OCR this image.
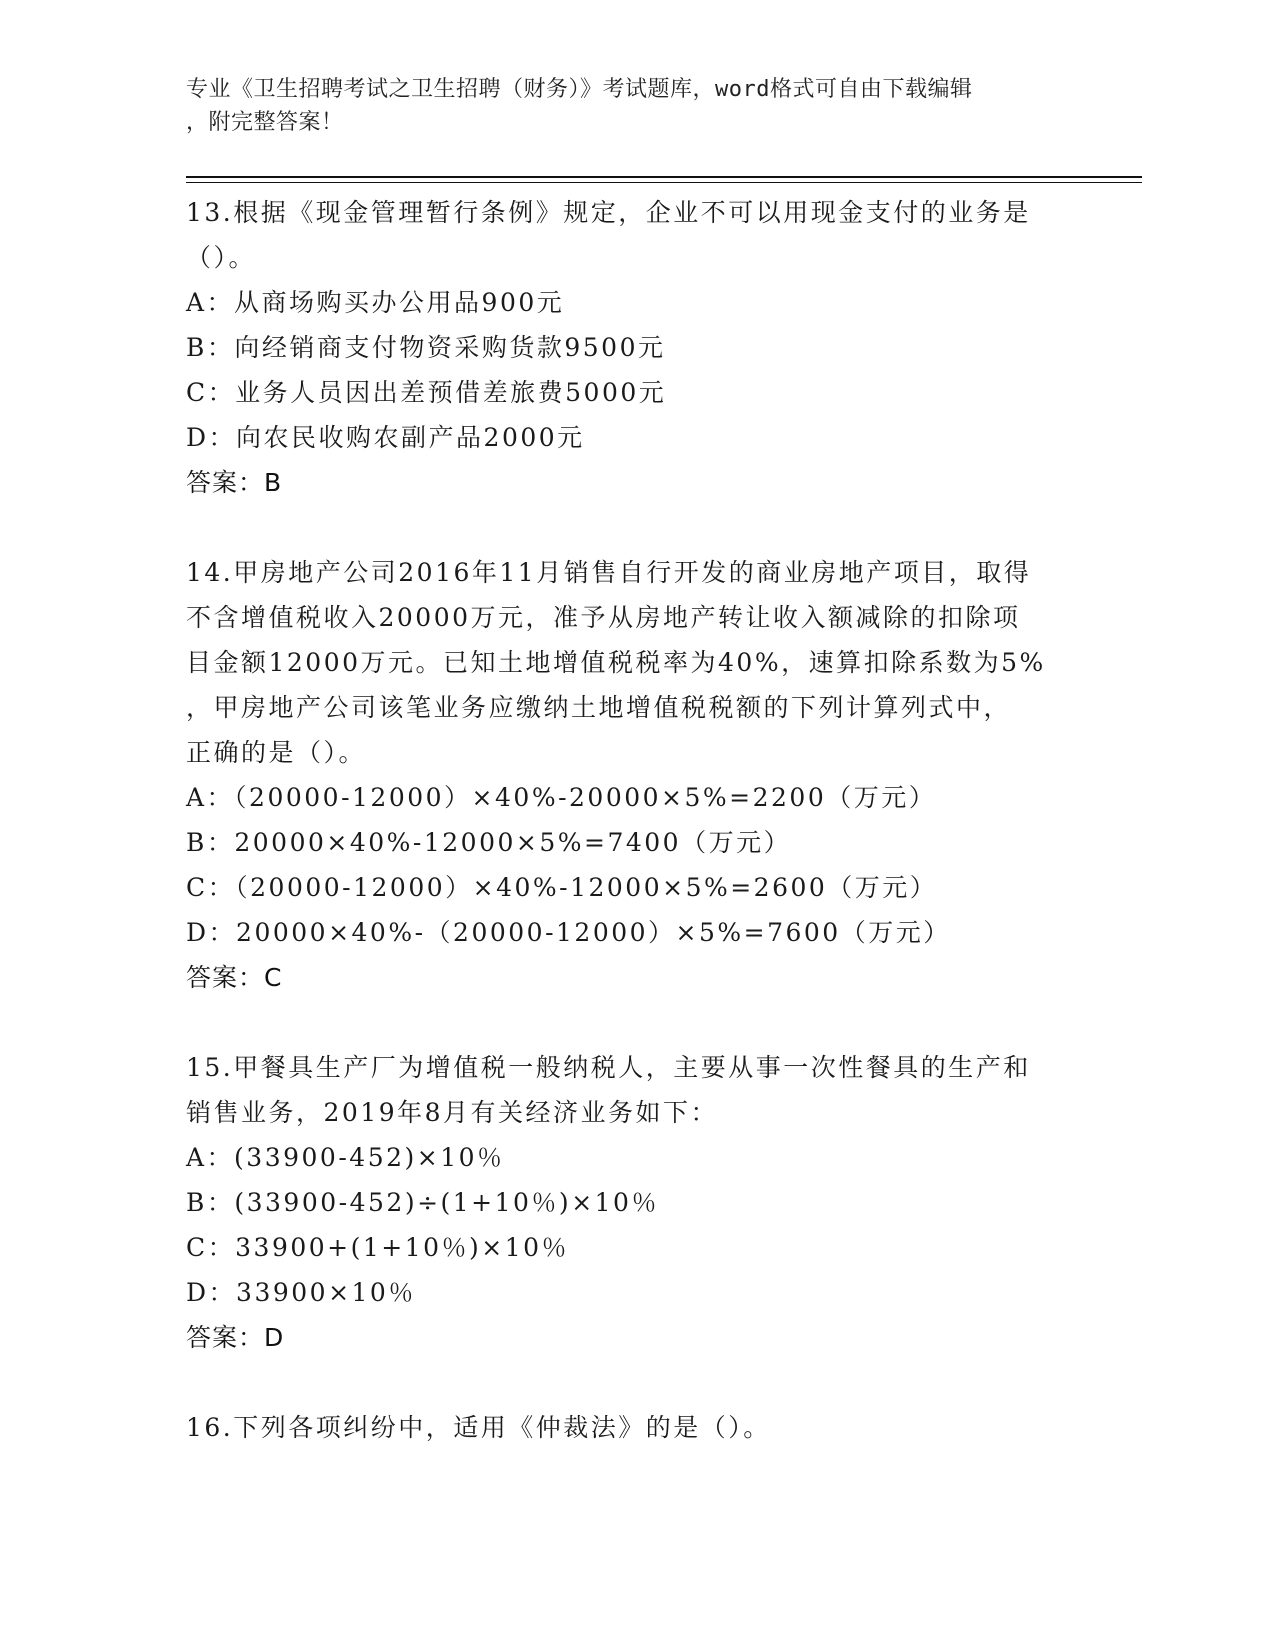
专业《卫生招聘考试之卫生招聘（财务）》考试题库，word格式可自由下载编辑
，附完整答案！
13.根据《现金管理暂行条例》规定，企业不可以用现金支付的业务是
（）。
A：从商场购买办公用品900元
B：向经销商支付物资采购货款9500元
C：业务人员因出差预借差旅费5000元
D：向农民收购农副产品2000元
答案：B
14.甲房地产公司2016年11月销售自行开发的商业房地产项目，取得
不含增值税收入20000万元，准予从房地产转让收入额减除的扣除项
目金额12000万元。已知土地增值税税率为40%，速算扣除系数为5%
，甲房地产公司该笔业务应缴纳土地增值税税额的下列计算列式中，
正确的是（）。
A：（20000-12000）×40%-20000×5%=2200（万元）
B：20000×40%-12000×5%=7400（万元）
C：（20000-12000）×40%-12000×5%=2600（万元）
D：20000×40%-（20000-12000）×5%=7600（万元）
答案：C
15.甲餐具生产厂为增值税一般纳税人，主要从事一次性餐具的生产和
销售业务，2019年8月有关经济业务如下：
A：(33900-452)×10％
B：(33900-452)÷(1+10％)×10％
C：33900+(1+10％)×10％
D：33900×10％
答案：D
16.下列各项纠纷中，适用《仲裁法》的是（）。
